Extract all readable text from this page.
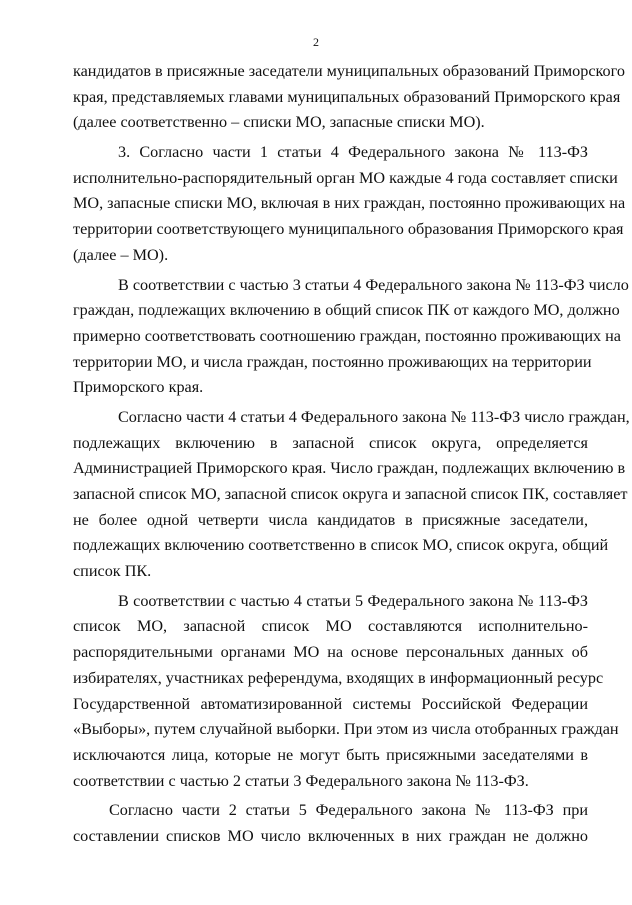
2
кандидатов в присяжные заседатели муниципальных образований Приморского
края, представляемых главами муниципальных образований Приморского края
(далее соответственно – списки МО, запасные списки МО).
3. Согласно части 1 статьи 4 Федерального закона № 113-ФЗ
исполнительно-распорядительный орган МО каждые 4 года составляет списки
МО, запасные списки МО, включая в них граждан, постоянно проживающих на
территории соответствующего муниципального образования Приморского края
(далее – МО).
В соответствии с частью 3 статьи 4 Федерального закона № 113-ФЗ число
граждан, подлежащих включению в общий список ПК от каждого МО, должно
примерно соответствовать соотношению граждан, постоянно проживающих на
территории МО, и числа граждан, постоянно проживающих на территории
Приморского края.
Согласно части 4 статьи 4 Федерального закона № 113-ФЗ число граждан,
подлежащих включению в запасной список округа, определяется
Администрацией Приморского края. Число граждан, подлежащих включению в
запасной список МО, запасной список округа и запасной список ПК, составляет
не более одной четверти числа кандидатов в присяжные заседатели,
подлежащих включению соответственно в список МО, список округа, общий
список ПК.
В соответствии с частью 4 статьи 5 Федерального закона № 113-ФЗ
список МО, запасной список МО составляются исполнительно-
распорядительными органами МО на основе персональных данных об
избирателях, участниках референдума, входящих в информационный ресурс
Государственной автоматизированной системы Российской Федерации
«Выборы», путем случайной выборки. При этом из числа отобранных граждан
исключаются лица, которые не могут быть присяжными заседателями в
соответствии с частью 2 статьи 3 Федерального закона № 113-ФЗ.
Согласно части 2 статьи 5 Федерального закона № 113-ФЗ при
составлении списков МО число включенных в них граждан не должно
